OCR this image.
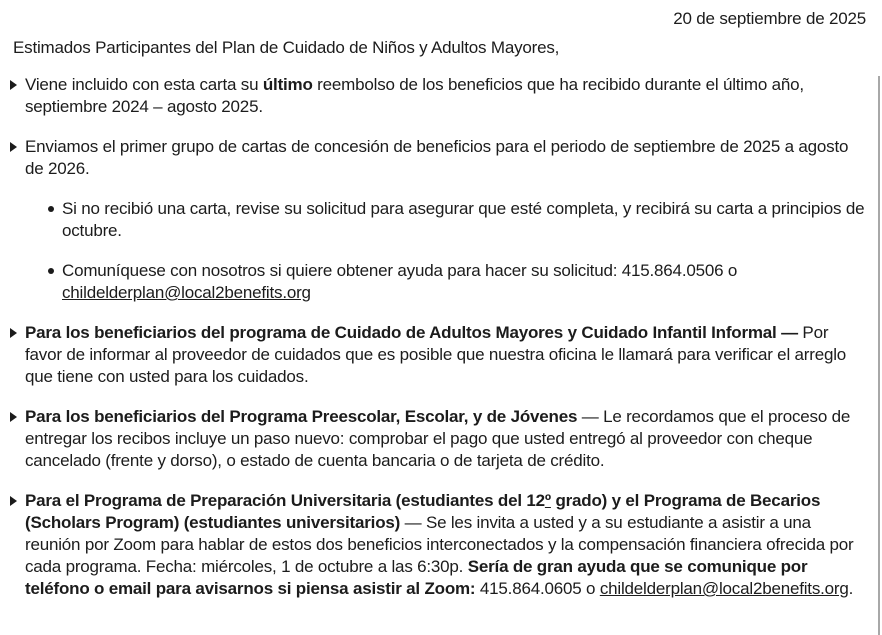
20 de septiembre de 2025

Estimados Participantes del Plan de Cuidado de Niños y Adultos Mayores,

Viene incluido con esta carta su último reembolso de los beneficios que ha recibido durante el último año, septiembre 2024 – agosto 2025.

Enviamos el primer grupo de cartas de concesión de beneficios para el periodo de septiembre de 2025 a agosto de 2026.

Si no recibió una carta, revise su solicitud para asegurar que esté completa, y recibirá su carta a principios de octubre.

Comuníquese con nosotros si quiere obtener ayuda para hacer su solicitud: 415.864.0506 o childelderplan@local2benefits.org

Para los beneficiarios del programa de Cuidado de Adultos Mayores y Cuidado Infantil Informal — Por favor de informar al proveedor de cuidados que es posible que nuestra oficina le llamará para verificar el arreglo que tiene con usted para los cuidados.

Para los beneficiarios del Programa Preescolar, Escolar, y de Jóvenes — Le recordamos que el proceso de entregar los recibos incluye un paso nuevo: comprobar el pago que usted entregó al proveedor con cheque cancelado (frente y dorso), o estado de cuenta bancaria o de tarjeta de crédito.

Para el Programa de Preparación Universitaria (estudiantes del 12º grado) y el Programa de Becarios (Scholars Program) (estudiantes universitarios) — Se les invita a usted y a su estudiante a asistir a una reunión por Zoom para hablar de estos dos beneficios interconectados y la compensación financiera ofrecida por cada programa. Fecha: miércoles, 1 de octubre a las 6:30p. Sería de gran ayuda que se comunique por teléfono o email para avisarnos si piensa asistir al Zoom: 415.864.0605 o childelderplan@local2benefits.org.
